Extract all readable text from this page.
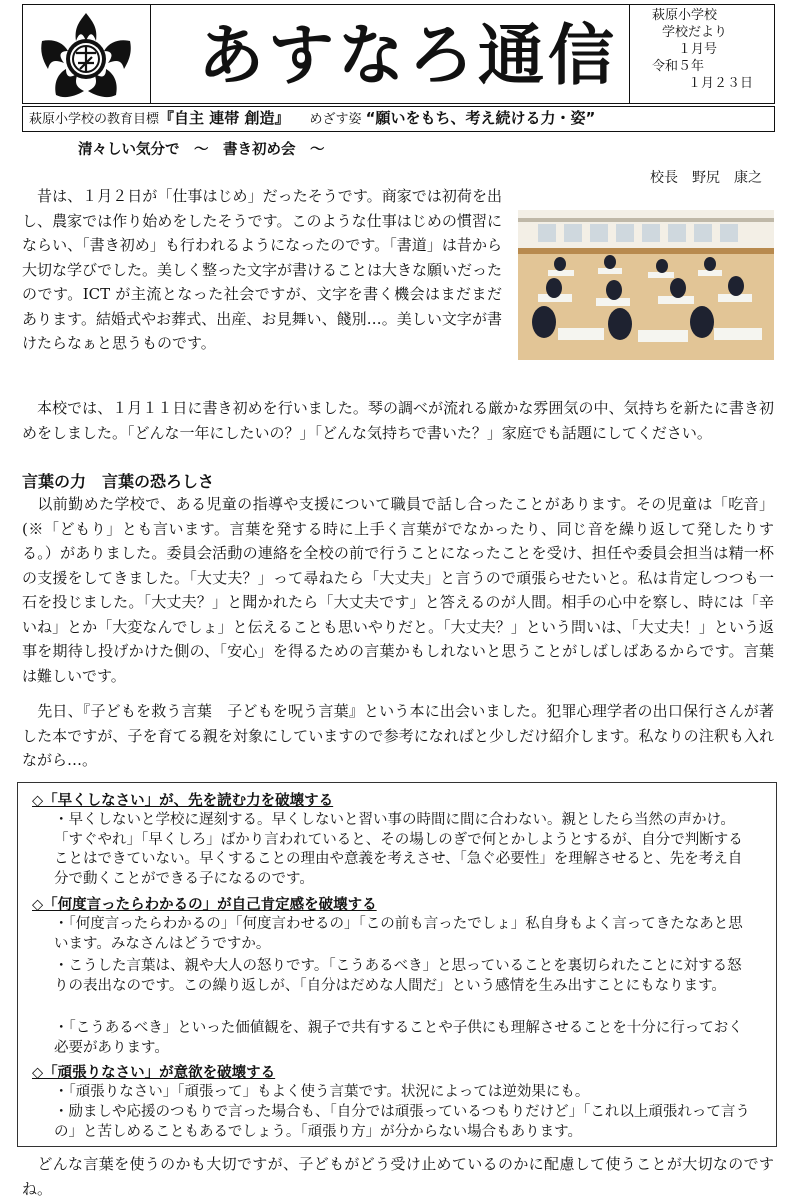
あすなろ通信
萩原小学校
学校だより
１月号
令和５年
１月２３日
萩原小学校の教育目標『自主 連帯 創造』 めざす姿 “願いをもち、考え続ける力・姿”
清々しい気分で　～　書き初め会　～
校長　野尻　康之
　昔は、１月２日が「仕事はじめ」だったそうです。商家では初荷を出し、農家では作り始めをしたそうです。このような仕事はじめの慣習にならい、「書き初め」も行われるようになったのです。「書道」は昔から大切な学びでした。美しく整った文字が書けることは大きな願いだったのです。ICT が主流となった社会ですが、文字を書く機会はまだまだあります。結婚式やお葬式、出産、お見舞い、餞別…。美しい文字が書けたらなぁと思うものです。
　本校では、１月１１日に書き初めを行いました。琴の調べが流れる厳かな雰囲気の中、気持ちを新たに書き初めをしました。「どんな一年にしたいの？」「どんな気持ちで書いた？」家庭でも話題にしてください。
言葉の力　言葉の恐ろしさ
　以前勤めた学校で、ある児童の指導や支援について職員で話し合ったことがあります。その児童は「吃音」(※「どもり」とも言います。言葉を発する時に上手く言葉がでなかったり、同じ音を繰り返して発したりする。）がありました。委員会活動の連絡を全校の前で行うことになったことを受け、担任や委員会担当は精一杯の支援をしてきました。「大丈夫？」って尋ねたら「大丈夫」と言うので頑張らせたいと。私は肯定しつつも一石を投じました。「大丈夫？」と聞かれたら「大丈夫です」と答えるのが人間。相手の心中を察し、時には「辛いね」とか「大変なんでしょ」と伝えることも思いやりだと。「大丈夫？」という問いは、「大丈夫！」という返事を期待し投げかけた側の、「安心」を得るための言葉かもしれないと思うことがしばしばあるからです。言葉は難しいです。
　先日、『子どもを救う言葉　子どもを呪う言葉』という本に出会いました。犯罪心理学者の出口保行さんが著した本ですが、子を育てる親を対象にしていますので参考になればと少しだけ紹介します。私なりの注釈も入れながら…。
◇「早くしなさい」が、先を読む力を破壊する
・早くしないと学校に遅刻する。早くしないと習い事の時間に間に合わない。親としたら当然の声かけ。「すぐやれ」「早くしろ」ばかり言われていると、その場しのぎで何とかしようとするが、自分で判断することはできていない。早くすることの理由や意義を考えさせ、「急ぐ必要性」を理解させると、先を考え自分で動くことができる子になるのです。
◇「何度言ったらわかるの」が自己肯定感を破壊する
・「何度言ったらわかるの」「何度言わせるの」「この前も言ったでしょ」私自身もよく言ってきたなあと思います。みなさんはどうですか。
・こうした言葉は、親や大人の怒りです。「こうあるべき」と思っていることを裏切られたことに対する怒りの表出なのです。この繰り返しが、「自分はだめな人間だ」という感情を生み出すことにもなります。
・「こうあるべき」といった価値観を、親子で共有することや子供にも理解させることを十分に行っておく必要があります。
◇「頑張りなさい」が意欲を破壊する
・「頑張りなさい」「頑張って」もよく使う言葉です。状況によっては逆効果にも。
・励ましや応援のつもりで言った場合も、「自分では頑張っているつもりだけど」「これ以上頑張れって言うの」と苦しめることもあるでしょう。「頑張り方」が分からない場合もあります。
　どんな言葉を使うのかも大切ですが、子どもがどう受け止めているのかに配慮して使うことが大切なのですね。
